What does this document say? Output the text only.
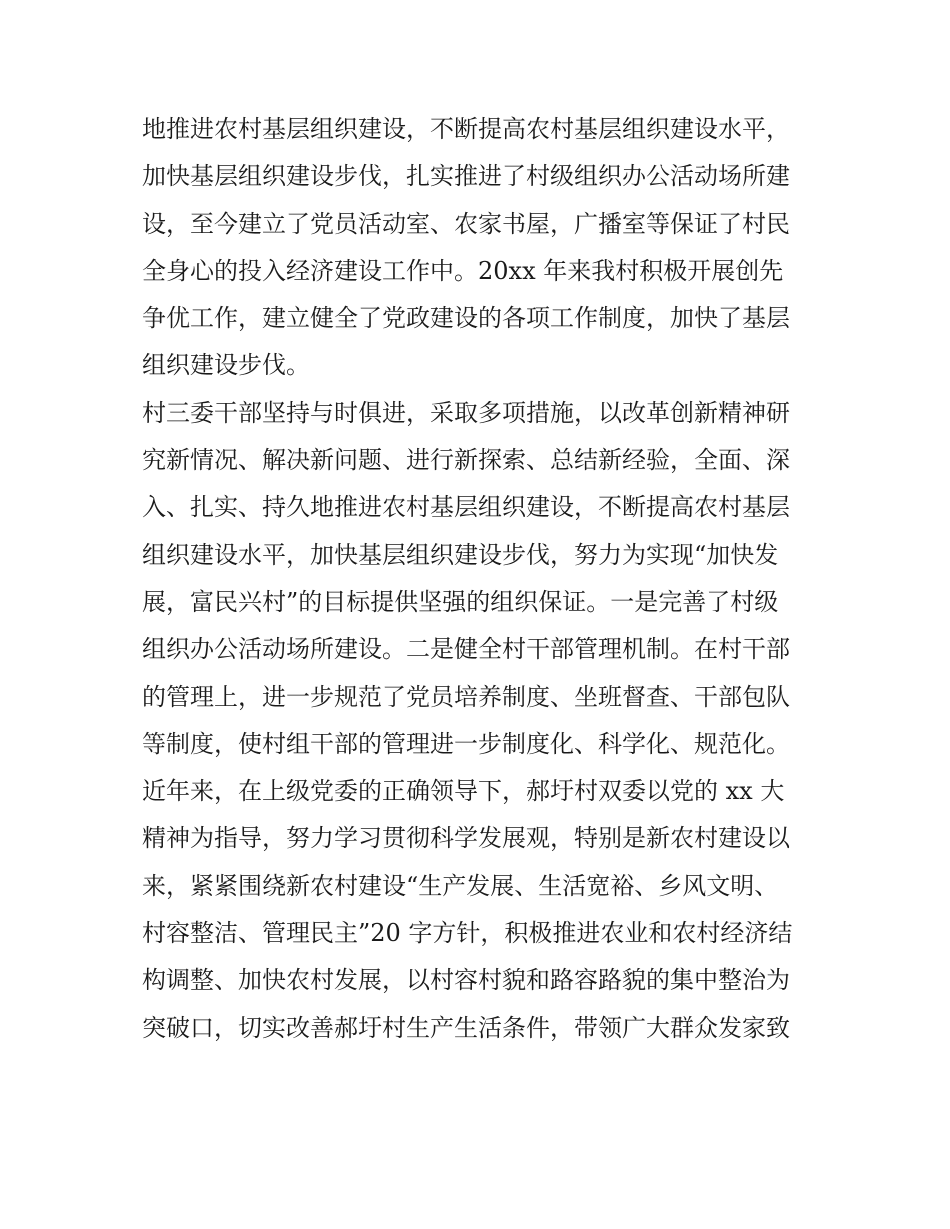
地推进农村基层组织建设，不断提高农村基层组织建设水平，
加快基层组织建设步伐，扎实推进了村级组织办公活动场所建
设，至今建立了党员活动室、农家书屋，广播室等保证了村民
全身心的投入经济建设工作中。20xx 年来我村积极开展创先
争优工作，建立健全了党政建设的各项工作制度，加快了基层
组织建设步伐。
村三委干部坚持与时俱进，采取多项措施，以改革创新精神研
究新情况、解决新问题、进行新探索、总结新经验，全面、深
入、扎实、持久地推进农村基层组织建设，不断提高农村基层
组织建设水平，加快基层组织建设步伐，努力为实现“加快发
展，富民兴村”的目标提供坚强的组织保证。一是完善了村级
组织办公活动场所建设。二是健全村干部管理机制。在村干部
的管理上，进一步规范了党员培养制度、坐班督查、干部包队
等制度，使村组干部的管理进一步制度化、科学化、规范化。
近年来，在上级党委的正确领导下，郝圩村双委以党的 xx 大
精神为指导，努力学习贯彻科学发展观，特别是新农村建设以
来，紧紧围绕新农村建设“生产发展、生活宽裕、乡风文明、
村容整洁、管理民主”20 字方针，积极推进农业和农村经济结
构调整、加快农村发展，以村容村貌和路容路貌的集中整治为
突破口，切实改善郝圩村生产生活条件，带领广大群众发家致
